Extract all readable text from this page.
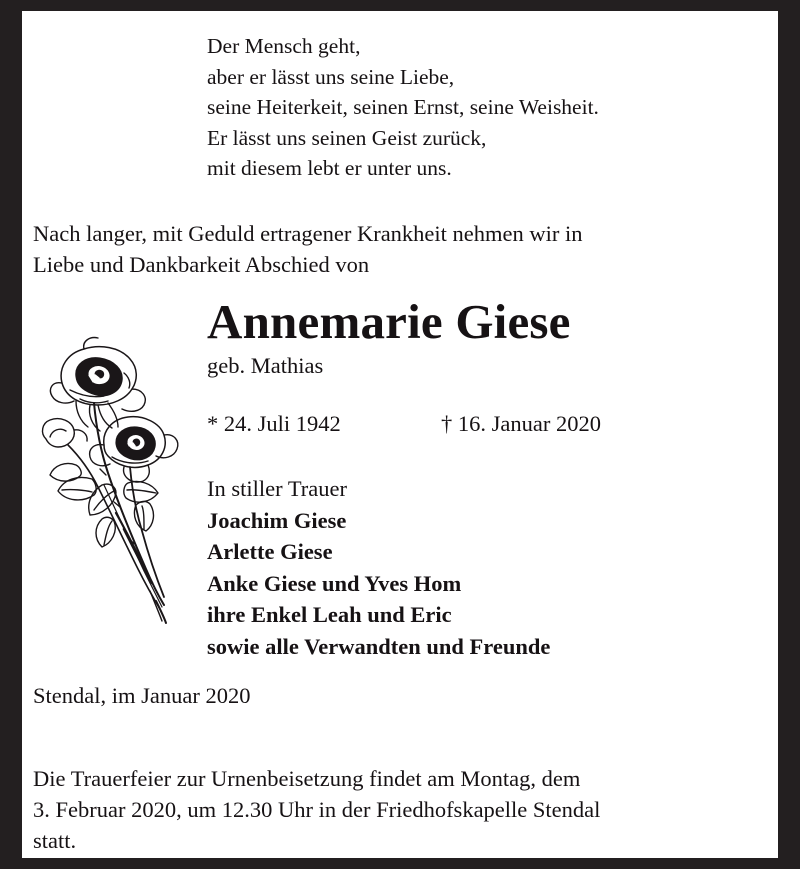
Der Mensch geht,
aber er lässt uns seine Liebe,
seine Heiterkeit, seinen Ernst, seine Weisheit.
Er lässt uns seinen Geist zurück,
mit diesem lebt er unter uns.
Nach langer, mit Geduld ertragener Krankheit nehmen wir in
Liebe und Dankbarkeit Abschied von
Annemarie Giese
geb. Mathias
* 24. Juli 1942	† 16. Januar 2020
In stiller Trauer
Joachim Giese
Arlette Giese
Anke Giese und Yves Hom
ihre Enkel Leah und Eric
sowie alle Verwandten und Freunde
Stendal, im Januar 2020
Die Trauerfeier zur Urnenbeisetzung findet am Montag, dem
3. Februar 2020, um 12.30 Uhr in der Friedhofskapelle Stendal
statt.
